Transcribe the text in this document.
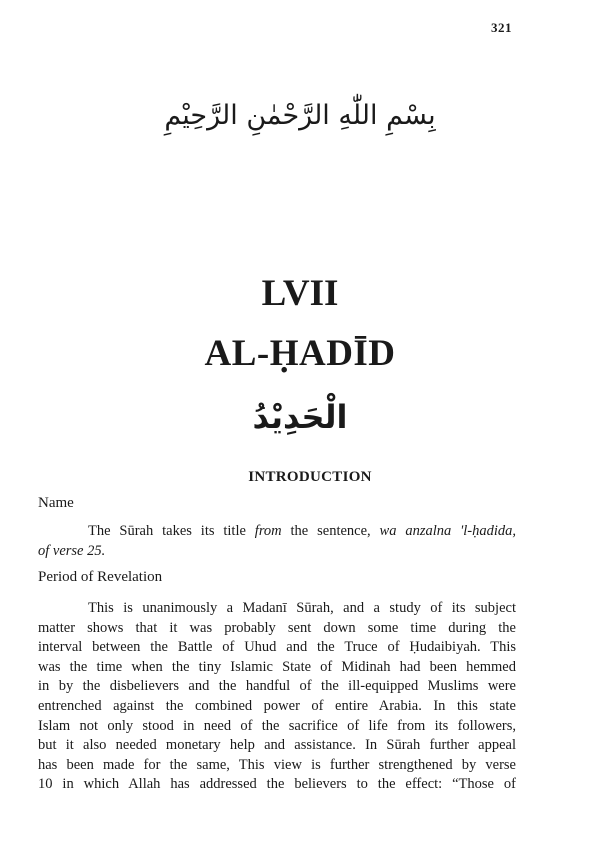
321
بِسْمِ اللّٰهِ الرَّحْمٰنِ الرَّحِيْمِ
LVII
AL-ḤADĪD
الْحَدِيْدُ
INTRODUCTION
Name
The Sūrah takes its title from the sentence, wa anzalna 'l-ḥadida,
of verse 25.
Period of Revelation
This is unanimously a Madanī Sūrah, and a study of its subject
matter shows that it was probably sent down some time during the
interval between the Battle of Uhud and the Truce of Ḥudaibiyah. This
was the time when the tiny Islamic State of Midinah had been hemmed
in by the disbelievers and the handful of the ill-equipped Muslims were
entrenched against the combined power of entire Arabia. In this state
Islam not only stood in need of the sacrifice of life from its followers,
but it also needed monetary help and assistance. In Sūrah further appeal
has been made for the same, This view is further strengthened by verse
10 in which Allah has addressed the believers to the effect: “Those of
